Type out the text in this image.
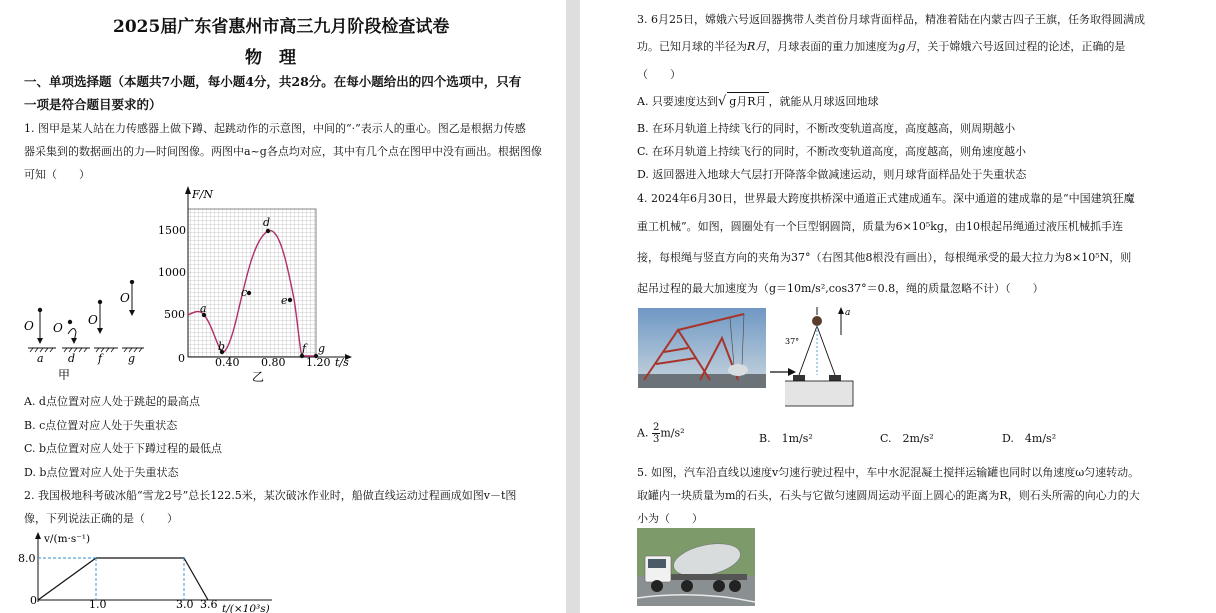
2025届广东省惠州市高三九月阶段检查试卷
物　理
一、单项选择题（本题共7小题，每小题4分，共28分。在每小题给出的四个选项中，只有
一项是符合题目要求的）
1. 图甲是某人站在力传感器上做下蹲、起跳动作的示意图，中间的“·”表示人的重心。图乙是根据力传感
器采集到的数据画出的力—时间图像。两图中a~g各点均对应，其中有几个点在图甲中没有画出。根据图像
可知（　　）
O O
O
O
a d f g
甲
a
b
c
d
e
f g
F/N
t/s
500
1000
1500
0	0.40 0.80 1.20
乙
A. d点位置对应人处于跳起的最高点
B. c点位置对应人处于失重状态
C. b点位置对应人处于下蹲过程的最低点
D. b点位置对应人处于失重状态
2. 我国极地科考破冰船“雪龙2号”总长122.5米，某次破冰作业时，船做直线运动过程画成如图v－t图
像，下列说法正确的是（　　）
v/(m·s⁻¹)
8.0
0	1.0	3.0 3.6 t/(×10³s)
3. 6月25日，嫦娥六号返回器携带人类首份月球背面样品，精准着陆在内蒙古四子王旗，任务取得圆满成
功。已知月球的半径为R月，月球表面的重力加速度为g月，关于嫦娥六号返回过程的论述，正确的是
（　　）
A. 只要速度达到√ g月R月 ，就能从月球返回地球
B. 在环月轨道上持续飞行的同时，不断改变轨道高度，高度越高，则周期越小
C. 在环月轨道上持续飞行的同时，不断改变轨道高度，高度越高，则角速度越小
D. 返回器进入地球大气层打开降落伞做减速运动，则月球背面样品处于失重状态
4. 2024年6月30日，世界最大跨度拱桥深中通道正式建成通车。深中通道的建成靠的是“中国建筑狂魔
重工机械”。如图，圆圈处有一个巨型钢圆筒，质量为6×10⁵kg，由10根起吊绳通过液压机械抓手连
接，每根绳与竖直方向的夹角为37°（右图其他8根没有画出），每根绳承受的最大拉力为8×10⁵N，则
起吊过程的最大加速度为（g＝10m/s²,cos37°＝0.8，绳的质量忽略不计）（　　）
a
37°
A. $\frac{2}{3} m/s^2$	B.　1m/s²	C.　2m/s²	D.　4m/s²
5. 如图，汽车沿直线以速度v匀速行驶过程中，车中水泥混凝土搅拌运输罐也同时以角速度ω匀速转动。
取罐内一块质量为m的石头，石头与它做匀速圆周运动平面上圆心的距离为R，则石头所需的向心力的大
小为（　　）
